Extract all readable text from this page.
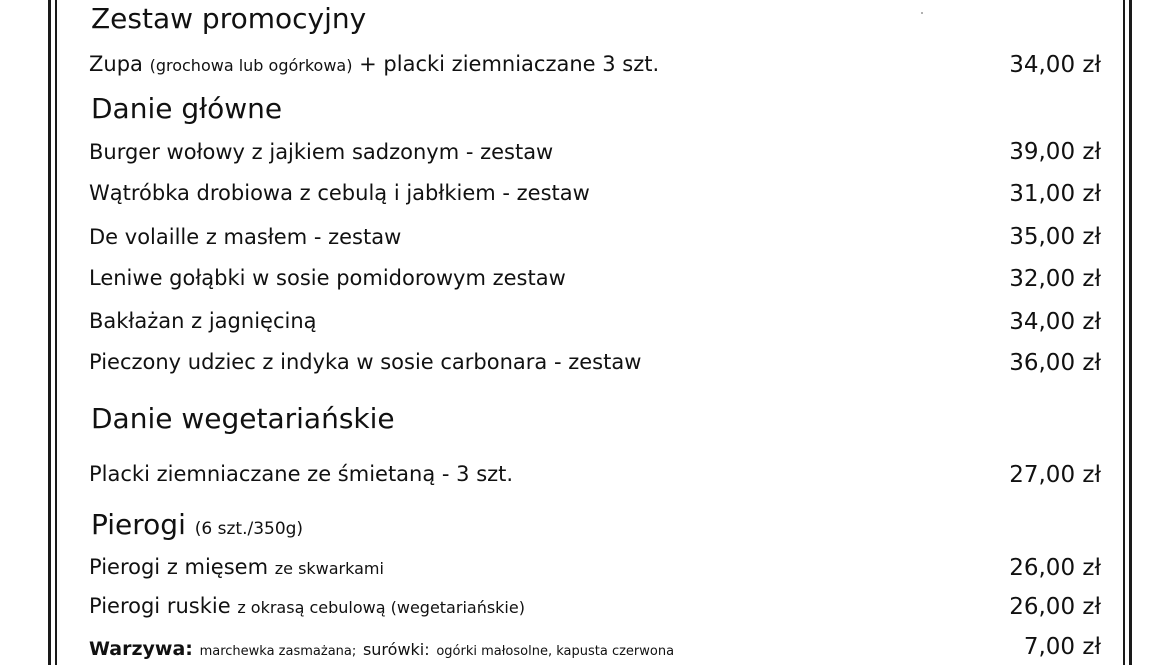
Zestaw promocyjny
Zupa (grochowa lub ogórkowa) + placki ziemniaczane 3 szt.	34,00 zł
Danie główne
Burger wołowy z jajkiem sadzonym - zestaw	39,00 zł
Wątróbka drobiowa z cebulą i jabłkiem - zestaw	31,00 zł
De volaille z masłem - zestaw	35,00 zł
Leniwe gołąbki w sosie pomidorowym zestaw	32,00 zł
Bakłażan z jagnięciną	34,00 zł
Pieczony udziec z indyka w sosie carbonara - zestaw	36,00 zł
Danie wegetariańskie
Placki ziemniaczane ze śmietaną - 3 szt.	27,00 zł
Pierogi (6 szt./350g)
Pierogi z mięsem ze skwarkami	26,00 zł
Pierogi ruskie z okrasą cebulową (wegetariańskie)	26,00 zł
Warzywa: marchewka zasmażana; surówki: ogórki małosolne, kapusta czerwona	7,00 zł
